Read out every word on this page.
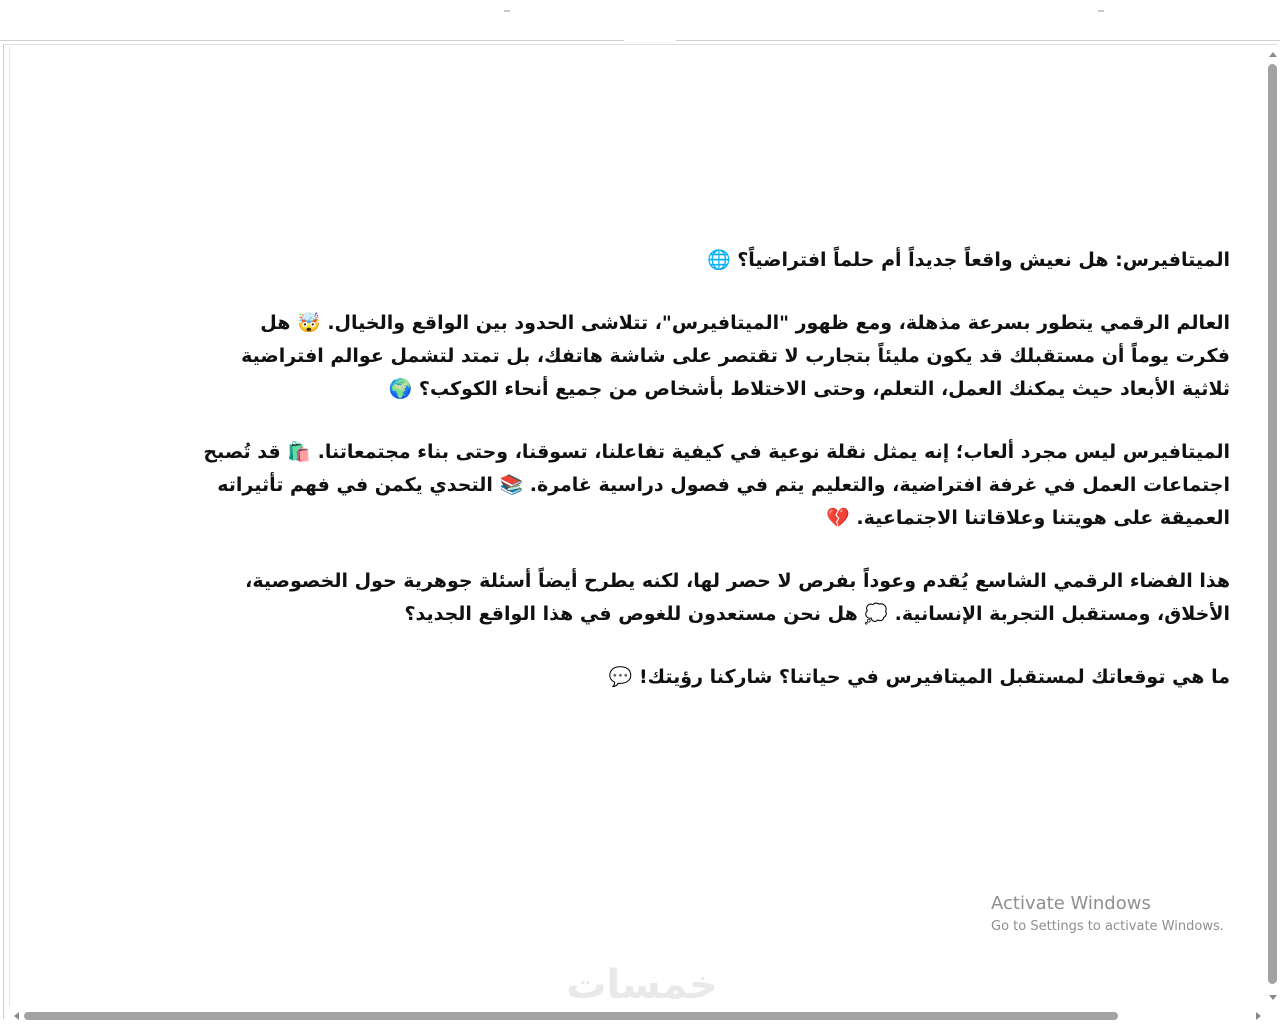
الميتافيرس: هل نعيش واقعاً جديداً أم حلماً افتراضياً؟ 🌐

العالم الرقمي يتطور بسرعة مذهلة، ومع ظهور "الميتافيرس"، تتلاشى الحدود بين الواقع والخيال. 🤯 هل فكرت يوماً أن مستقبلك قد يكون مليئاً بتجارب لا تقتصر على شاشة هاتفك، بل تمتد لتشمل عوالم افتراضية ثلاثية الأبعاد حيث يمكنك العمل، التعلم، وحتى الاختلاط بأشخاص من جميع أنحاء الكوكب؟ 🌍

الميتافيرس ليس مجرد ألعاب؛ إنه يمثل نقلة نوعية في كيفية تفاعلنا، تسوقنا، وحتى بناء مجتمعاتنا. 🛍️ قد تُصبح اجتماعات العمل في غرفة افتراضية، والتعليم يتم في فصول دراسية غامرة. 📚 التحدي يكمن في فهم تأثيراته العميقة على هويتنا وعلاقاتنا الاجتماعية. 💔

هذا الفضاء الرقمي الشاسع يُقدم وعوداً بفرص لا حصر لها، لكنه يطرح أيضاً أسئلة جوهرية حول الخصوصية، الأخلاق، ومستقبل التجربة الإنسانية. 💭 هل نحن مستعدون للغوص في هذا الواقع الجديد؟

ما هي توقعاتك لمستقبل الميتافيرس في حياتنا؟ شاركنا رؤيتك! 💬

Activate Windows
Go to Settings to activate Windows.
خمسات
